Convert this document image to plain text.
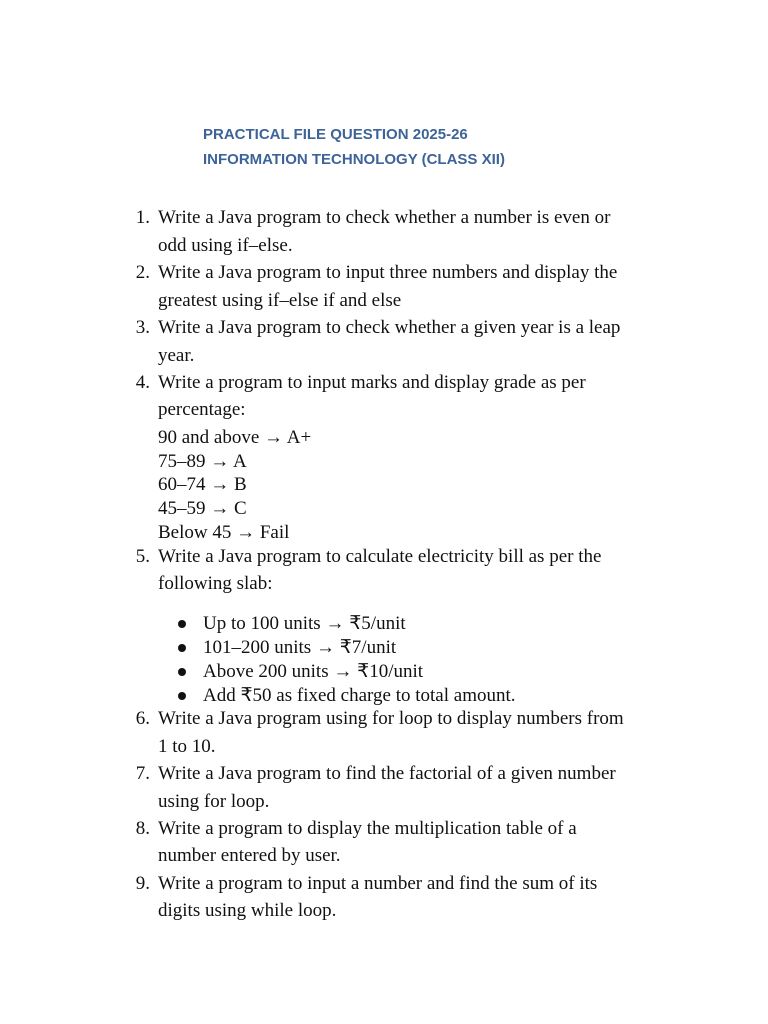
PRACTICAL FILE QUESTION 2025-26
INFORMATION TECHNOLOGY (CLASS XII)
1. Write a Java program to check whether a number is even or
odd using if–else.
2. Write a Java program to input three numbers and display the
greatest using if–else if and else
3. Write a Java program to check whether a given year is a leap
year.
4. Write a program to input marks and display grade as per
percentage:
90 and above → A+
75–89 → A
60–74 → B
45–59 → C
Below 45 → Fail
5. Write a Java program to calculate electricity bill as per the
following slab:
Up to 100 units → ₹5/unit
101–200 units → ₹7/unit
Above 200 units → ₹10/unit
Add ₹50 as fixed charge to total amount.
6. Write a Java program using for loop to display numbers from
1 to 10.
7. Write a Java program to find the factorial of a given number
using for loop.
8. Write a program to display the multiplication table of a
number entered by user.
9. Write a program to input a number and find the sum of its
digits using while loop.
